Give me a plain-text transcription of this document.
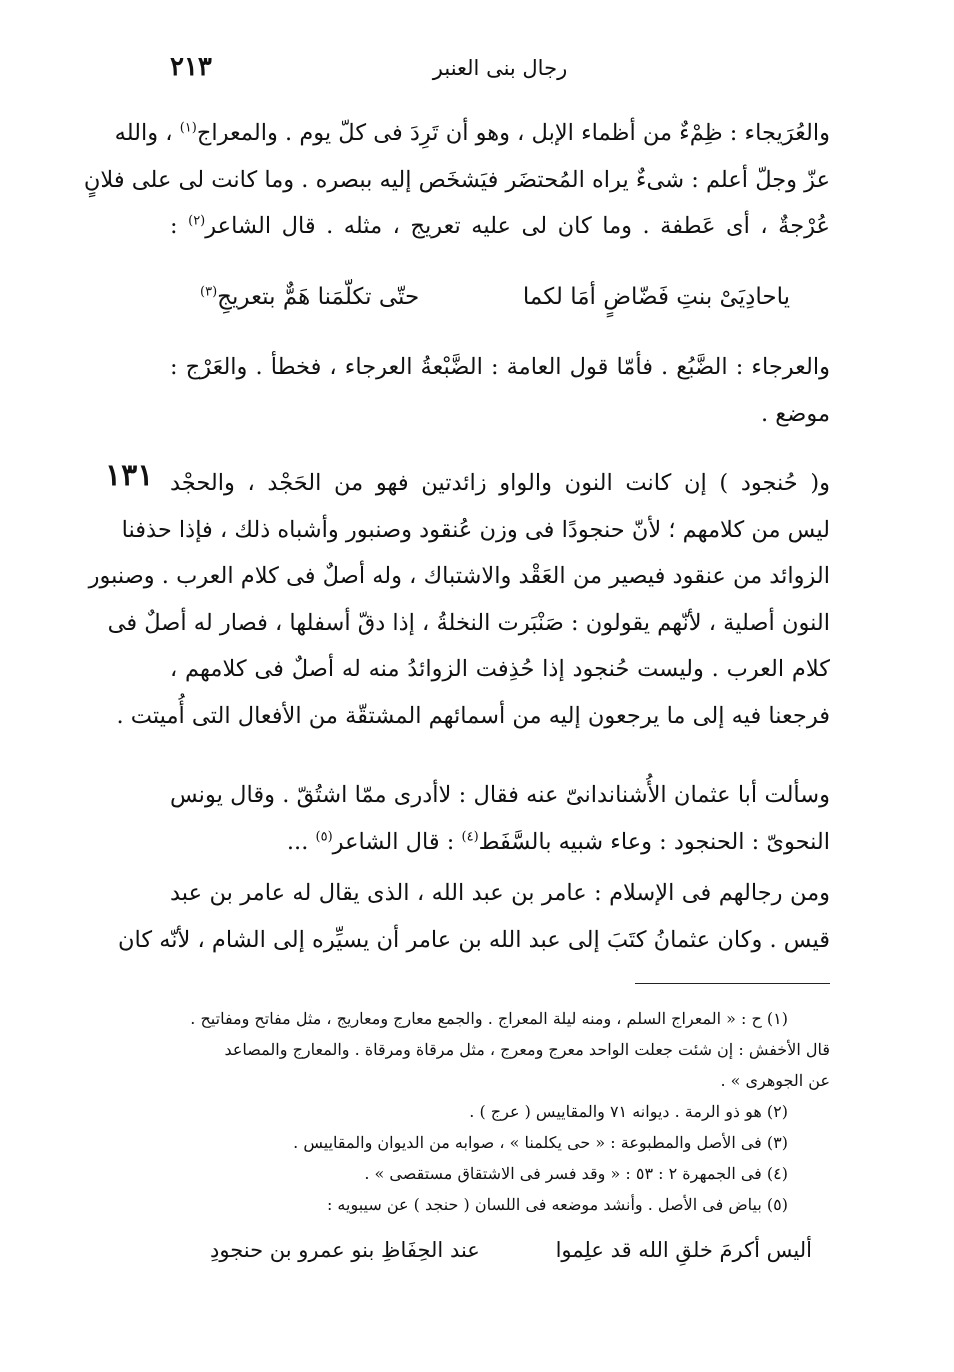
رجال بنى العنبر
٢١٣
والعُرَيجاء : ظِمْءٌ من أظماء الإبل ، وهو أن تَرِدَ فى كلّ يوم . والمعراج$^{(١)}$ ، والله
عزّ وجلّ أعلم : شىءٌ يراه المُحتضَر فيَشخَص إليه ببصره . وما كانت لى على فلانٍ
عُرْجةٌ ، أى عَطفة . وما كان لى عليه تعريج ، مثله . قال الشاعر$^{(٢)}$ :
ياحادِيَىْ بنتِ فَضّاضٍ أمَا لكما
حتّى تكلّمَنا هَمٌّ بتعريجِ$^{(٣)}$
والعرجاء : الضَّبُع . فأمّا قول العامة : الضَّبْعةُ العرجاء ، فخطأ . والعَرْج :
موضع .
١٣١ و( حُنجود ) إن كانت النون والواو زائدتين فهو من الحَجْد ، والحجْد
ليس من كلامهم ؛ لأنّ حنجودًا فى وزن عُنقود وصنبور وأشباه ذلك ، فإذا حذفنا
الزوائد من عنقود فيصير من العَقْد والاشتباك ، وله أصلٌ فى كلام العرب . وصنبور
النون أصلية ، لأنّهم يقولون : صَنْبَرت النخلةُ ، إذا دقّ أسفلها ، فصار له أصلٌ فى
كلام العرب . وليست حُنجود إذا حُذِفت الزوائدُ منه له أصلٌ فى كلامهم ،
فرجعنا فيه إلى ما يرجعون إليه من أسمائهم المشتقّة من الأفعال التى أُميتت .
وسألت أبا عثمان الأُشناندانىّ عنه فقال : لاأدرى ممّا اشتُقّ . وقال يونس
النحوىّ : الحنجود : وعاء شبيه بالسَّفَط$^{(٤)}$ : قال الشاعر$^{(٥)}$ ...
ومن رجالهم فى الإسلام : عامر بن عبد الله ، الذى يقال له عامر بن عبد
قيس . وكان عثمانُ كتَبَ إلى عبد الله بن عامر أن يسيِّره إلى الشام ، لأنّه كان
(١) ح : « المعراج السلم ، ومنه ليلة المعراج . والجمع معارج ومعاريج ، مثل مفاتح ومفاتيح .
قال الأخفش : إن شئت جعلت الواحد معرج ومعرج ، مثل مرقاة ومرقاة . والمعارج والمصاعد
عن الجوهرى » .
(٢) هو ذو الرمة . ديوانه ٧١ والمقاييس ( عرج ) .
(٣) فى الأصل والمطبوعة : « حى يكلمنا » ، صوابه من الديوان والمقاييس .
(٤) فى الجمهرة ٢ : ٥٣ : « وقد فسر فى الاشتقاق مستقصى » .
(٥) بياض فى الأصل . وأنشد موضعه فى اللسان ( حنجد ) عن سيبويه :
أليس أكرمَ خلقِ الله قد علِموا
عند الحِفَاظِ بنو عمرو بن حنجودِ
